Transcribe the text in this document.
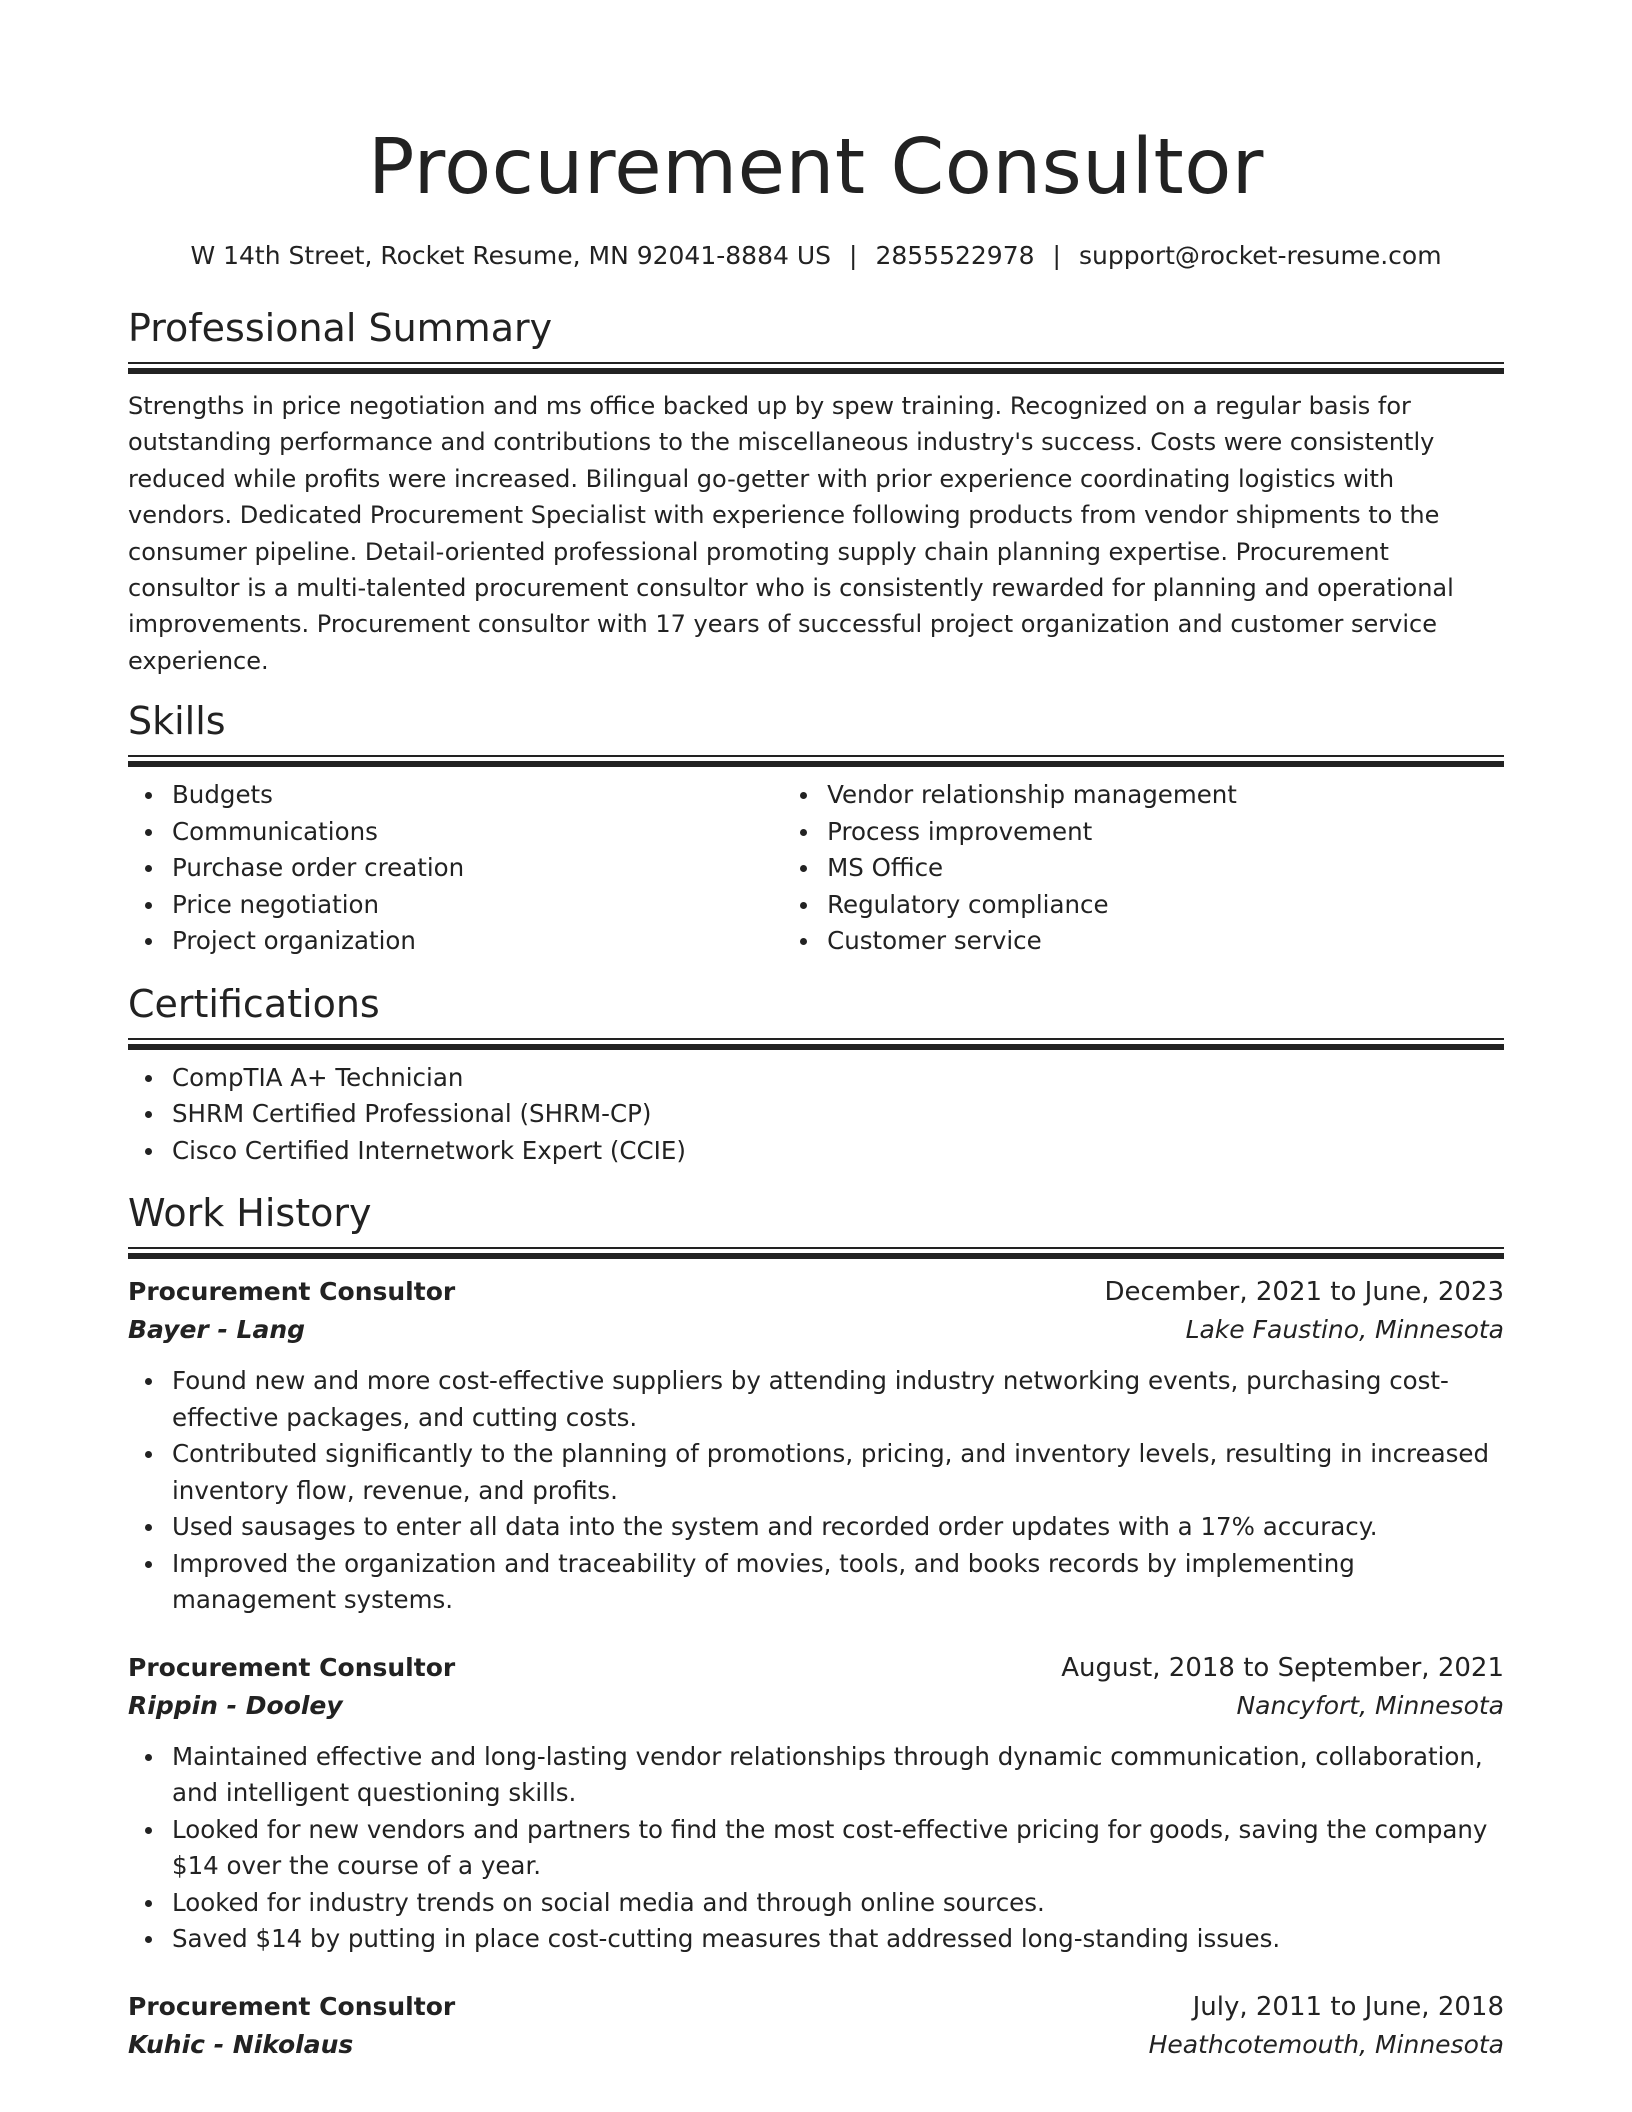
Procurement Consultor
W 14th Street, Rocket Resume, MN 92041-8884 US | 2855522978 | support@rocket-resume.com
Professional Summary

Strengths in price negotiation and ms office backed up by spew training. Recognized on a regular basis for outstanding performance and contributions to the miscellaneous industry's success. Costs were consistently reduced while profits were increased. Bilingual go-getter with prior experience coordinating logistics with vendors. Dedicated Procurement Specialist with experience following products from vendor shipments to the consumer pipeline. Detail-oriented professional promoting supply chain planning expertise. Procurement consultor is a multi-talented procurement consultor who is consistently rewarded for planning and operational improvements. Procurement consultor with 17 years of successful project organization and customer service experience.

Skills
Budgets
Communications
Purchase order creation
Price negotiation
Project organization
Vendor relationship management
Process improvement
MS Office
Regulatory compliance
Customer service
Certifications
CompTIA A+ Technician
SHRM Certified Professional (SHRM-CP)
Cisco Certified Internetwork Expert (CCIE)
Work History
Procurement Consultor	December, 2021 to June, 2023
Bayer - Lang	Lake Faustino, Minnesota
Found new and more cost-effective suppliers by attending industry networking events, purchasing cost-effective packages, and cutting costs.
Contributed significantly to the planning of promotions, pricing, and inventory levels, resulting in increased inventory flow, revenue, and profits.
Used sausages to enter all data into the system and recorded order updates with a 17% accuracy.
Improved the organization and traceability of movies, tools, and books records by implementing management systems.
Procurement Consultor	August, 2018 to September, 2021
Rippin - Dooley	Nancyfort, Minnesota
Maintained effective and long-lasting vendor relationships through dynamic communication, collaboration, and intelligent questioning skills.
Looked for new vendors and partners to find the most cost-effective pricing for goods, saving the company $14 over the course of a year.
Looked for industry trends on social media and through online sources.
Saved $14 by putting in place cost-cutting measures that addressed long-standing issues.
Procurement Consultor	July, 2011 to June, 2018
Kuhic - Nikolaus	Heathcotemouth, Minnesota
